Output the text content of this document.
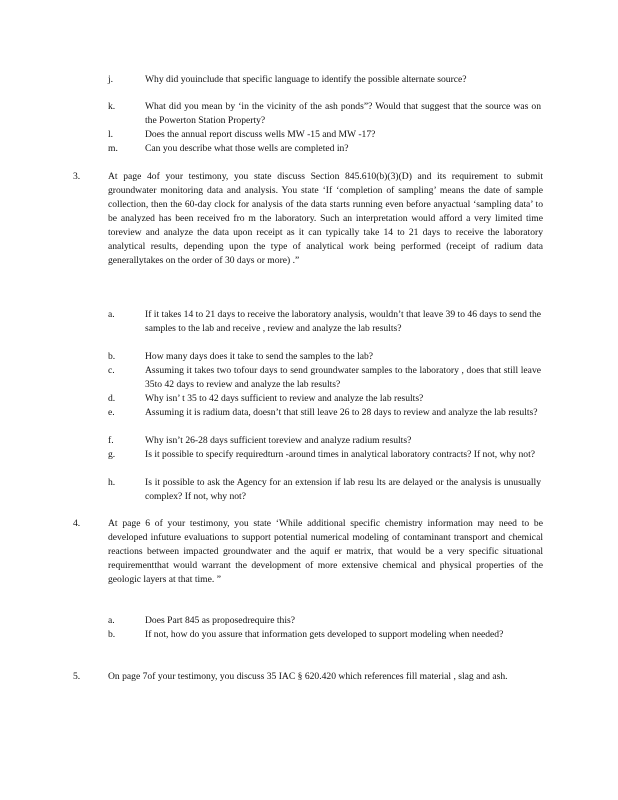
j.	Why did youinclude that specific language to identify the possible alternate source?

k.	What did you mean by ‘in the vicinity of the ash ponds”? Would that suggest that the source was on the Powerton Station Property?

l.	Does the annual report discuss wells MW -15 and MW -17?

m.	Can you describe what those wells are completed in?

3.	At page 4of your testimony, you state discuss Section 845.610(b)(3)(D) and its requirement to submit groundwater monitoring data and analysis. You state ‘If ‘completion of sampling’ means the date of sample collection, then the 60-day clock for analysis of the data starts running even before anyactual ‘sampling data’ to be analyzed has been received fro m the laboratory. Such an interpretation would afford a very limited time toreview and analyze the data upon receipt as it can typically take 14 to 21 days to receive the laboratory analytical results, depending upon the type of analytical work being performed (receipt of radium data generallytakes on the order of 30 days or more) .”

a.	If it takes 14 to 21 days to receive the laboratory analysis, wouldn’t that leave 39 to 46 days to send the samples to the lab and receive , review and analyze the lab results?

b.	How many days does it take to send the samples to the lab?

c.	Assuming it takes two tofour days to send groundwater samples to the laboratory , does that still leave 35to 42 days to review and analyze the lab results?

d.	Why isn’ t 35 to 42 days sufficient to review and analyze the lab results?

e.	Assuming it is radium data, doesn’t that still leave 26 to 28 days to review and analyze the lab results?

f.	Why isn’t 26-28 days sufficient toreview and analyze radium results?

g.	Is it possible to specify requiredturn -around times in analytical laboratory contracts? If not, why not?

h.	Is it possible to ask the Agency for an extension if lab resu lts are delayed or the analysis is unusually complex? If not, why not?

4.	At page 6 of your testimony, you state ‘While additional specific chemistry information may need to be developed infuture evaluations to support potential numerical modeling of contaminant transport and chemical reactions between impacted groundwater and the aquif er matrix, that would be a very specific situational requirementthat would warrant the development of more extensive chemical and physical properties of the geologic layers at that time. ”

a.	Does Part 845 as proposedrequire this?

b.	If not, how do you assure that information gets developed to support modeling when needed?

5.	On page 7of your testimony, you discuss 35 IAC § 620.420 which references fill material , slag and ash.
